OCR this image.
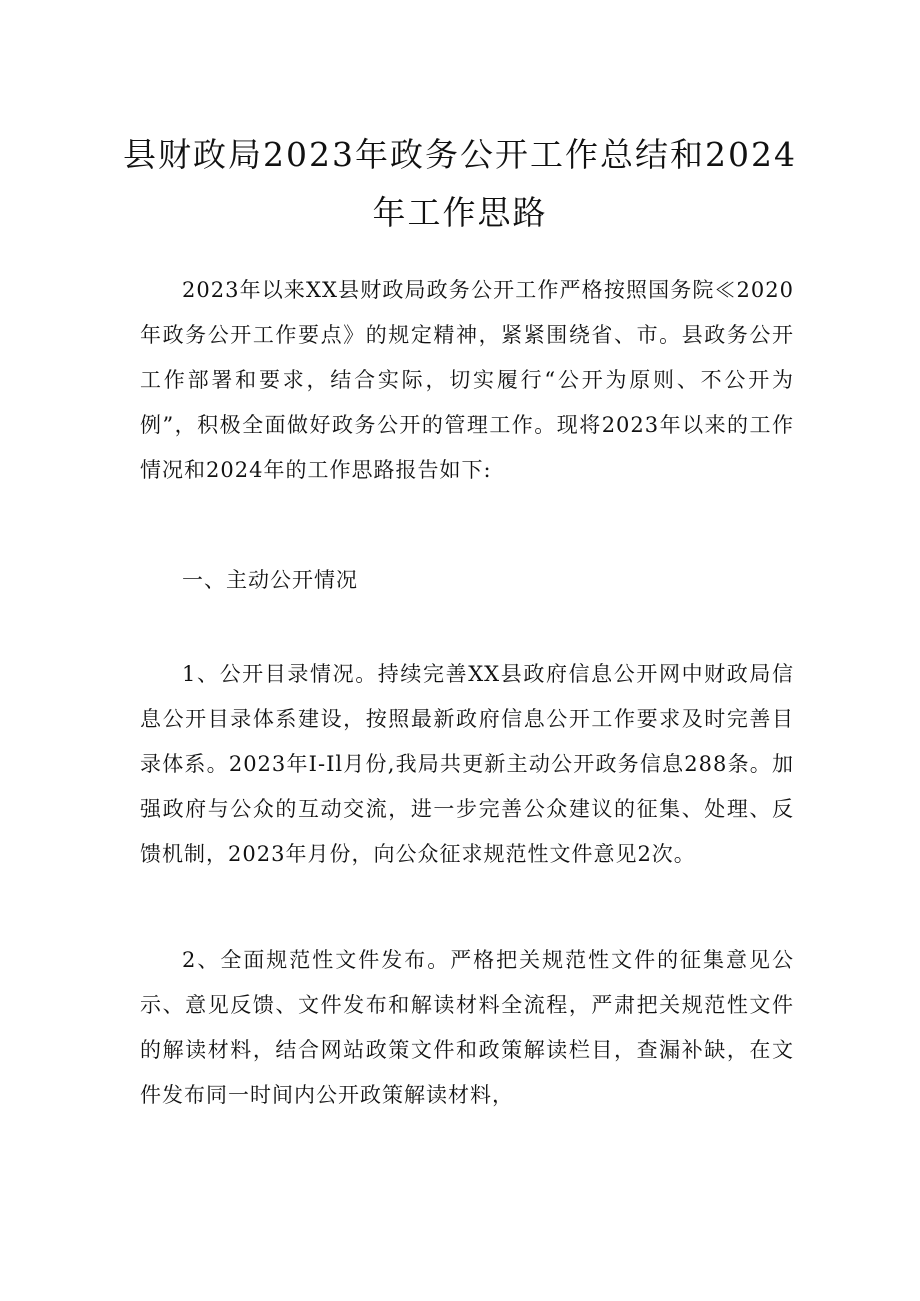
县财政局2023年政务公开工作总结和2024
年工作思路

2023年以来XX县财政局政务公开工作严格按照国务院≪2020年政务公开工作要点》的规定精神，紧紧围绕省、市。县政务公开工作部署和要求，结合实际，切实履行“公开为原则、不公开为例”，积极全面做好政务公开的管理工作。现将2023年以来的工作情况和2024年的工作思路报告如下:

一、主动公开情况

1、公开目录情况。持续完善XX县政府信息公开网中财政局信息公开目录体系建设，按照最新政府信息公开工作要求及时完善目录体系。2023年I-Il月份,我局共更新主动公开政务信息288条。加强政府与公众的互动交流，进一步完善公众建议的征集、处理、反馈机制，2023年月份，向公众征求规范性文件意见2次。

2、全面规范性文件发布。严格把关规范性文件的征集意见公示、意见反馈、文件发布和解读材料全流程，严肃把关规范性文件的解读材料，结合网站政策文件和政策解读栏目，查漏补缺，在文件发布同一时间内公开政策解读材料，
